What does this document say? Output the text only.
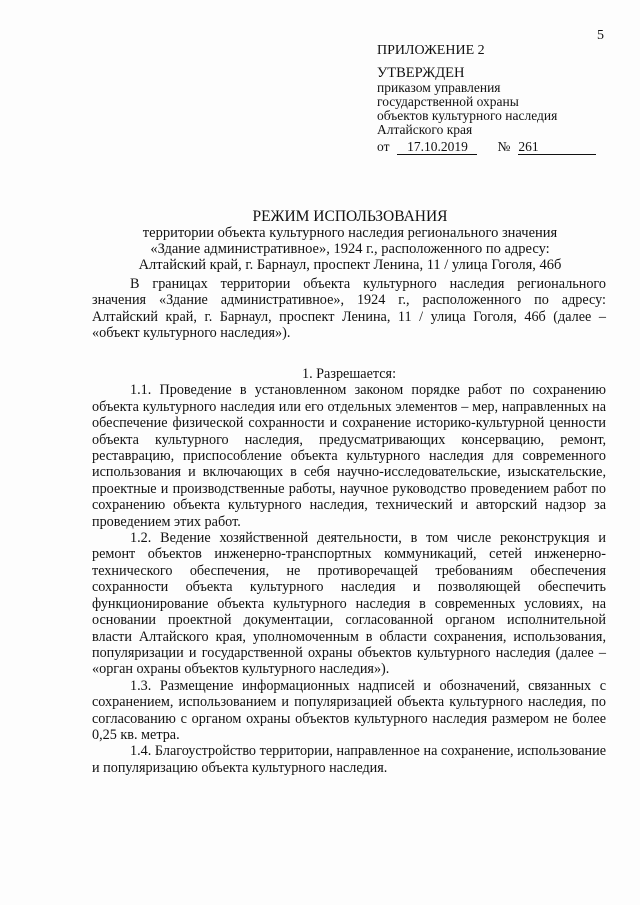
5
ПРИЛОЖЕНИЕ 2
УТВЕРЖДЕН
приказом управления
государственной охраны
объектов культурного наследия
Алтайского края
от 17.10.2019 № 261
РЕЖИМ ИСПОЛЬЗОВАНИЯ
территории объекта культурного наследия регионального значения
«Здание административное», 1924 г., расположенного по адресу:
Алтайский край, г. Барнаул, проспект Ленина, 11 / улица Гоголя, 46б

В границах территории объекта культурного наследия регионального значения «Здание административное», 1924 г., расположенного по адресу: Алтайский край, г. Барнаул, проспект Ленина, 11 / улица Гоголя, 46б (далее – «объект культурного наследия»).

1. Разрешается:

1.1. Проведение в установленном законом порядке работ по сохранению объекта культурного наследия или его отдельных элементов – мер, направленных на обеспечение физической сохранности и сохранение историко-культурной ценности объекта культурного наследия, предусматривающих консервацию, ремонт, реставрацию, приспособление объекта культурного наследия для современного использования и включающих в себя научно-исследовательские, изыскательские, проектные и производственные работы, научное руководство проведением работ по сохранению объекта культурного наследия, технический и авторский надзор за проведением этих работ.

1.2. Ведение хозяйственной деятельности, в том числе реконструкция и ремонт объектов инженерно-транспортных коммуникаций, сетей инженерно-технического обеспечения, не противоречащей требованиям обеспечения сохранности объекта культурного наследия и позволяющей обеспечить функционирование объекта культурного наследия в современных условиях, на основании проектной документации, согласованной органом исполнительной власти Алтайского края, уполномоченным в области сохранения, использования, популяризации и государственной охраны объектов культурного наследия (далее – «орган охраны объектов культурного наследия»).

1.3. Размещение информационных надписей и обозначений, связанных с сохранением, использованием и популяризацией объекта культурного наследия, по согласованию с органом охраны объектов культурного наследия размером не более 0,25 кв. метра.

1.4. Благоустройство территории, направленное на сохранение, использование и популяризацию объекта культурного наследия.
